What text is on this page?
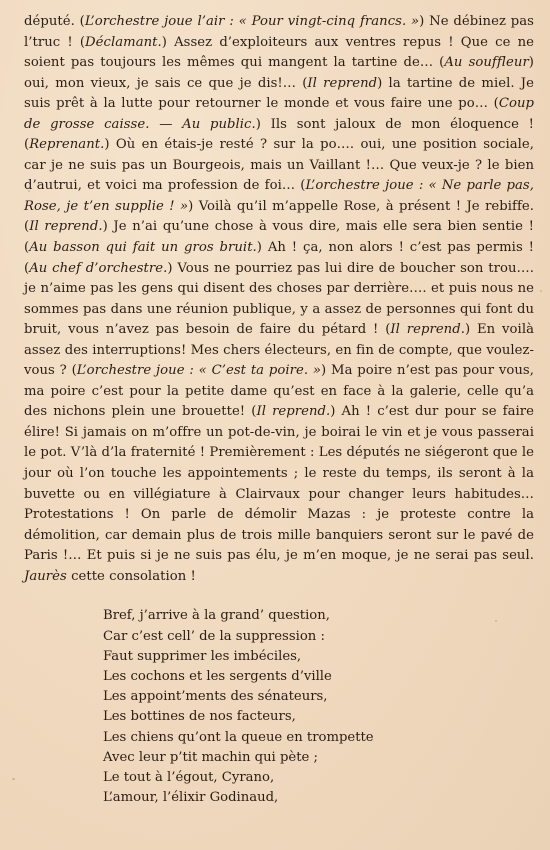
député. (L’orchestre joue l’air : « Pour vingt-cinq francs. ») Ne débinez pas l’truc ! (Déclamant.) Assez d’exploiteurs aux ventres repus ! Que ce ne soient pas toujours les mêmes qui mangent la tartine de… (Au souffleur) oui, mon vieux, je sais ce que je dis!… (Il reprend) la tartine de miel. Je suis prêt à la lutte pour retourner le monde et vous faire une po… (Coup de grosse caisse. — Au public.) Ils sont jaloux de mon éloquence ! (Reprenant.) Où en étais-je resté ? sur la po…. oui, une position sociale, car je ne suis pas un Bourgeois, mais un Vaillant !… Que veux-je ? le bien d’autrui, et voici ma profession de foi… (L’orchestre joue : « Ne parle pas, Rose, je t’en supplie ! ») Voilà qu’il m’appelle Rose, à présent ! Je rebiffe. (Il reprend.) Je n’ai qu’une chose à vous dire, mais elle sera bien sentie ! (Au basson qui fait un gros bruit.) Ah ! ça, non alors ! c’est pas permis ! (Au chef d’orchestre.) Vous ne pourriez pas lui dire de boucher son trou…. je n’aime pas les gens qui disent des choses par derrière…. et puis nous ne sommes pas dans une réunion publique, y a assez de personnes qui font du bruit, vous n’avez pas besoin de faire du pétard ! (Il reprend.) En voilà assez des interruptions! Mes chers électeurs, en fin de compte, que voulez-vous ? (L’orchestre joue : « C’est ta poire. ») Ma poire n’est pas pour vous, ma poire c’est pour la petite dame qu’est en face à la galerie, celle qu’a des nichons plein une brouette! (Il reprend.) Ah ! c’est dur pour se faire élire! Si jamais on m’offre un pot-de-vin, je boirai le vin et je vous passerai le pot. V’là d’la fraternité ! Premièrement : Les députés ne siégeront que le jour où l’on touche les appointements ; le reste du temps, ils seront à la buvette ou en villégiature à Clairvaux pour changer leurs habitudes… Protestations ! On parle de démolir Mazas : je proteste contre la démolition, car demain plus de trois mille banquiers seront sur le pavé de Paris !… Et puis si je ne suis pas élu, je m’en moque, je ne serai pas seul. Jaurès cette consolation !

Bref, j’arrive à la grand’ question,
Car c’est cell’ de la suppression :
Faut supprimer les imbéciles,
Les cochons et les sergents d’ville
Les appoint’ments des sénateurs,
Les bottines de nos facteurs,
Les chiens qu’ont la queue en trompette
Avec leur p’tit machin qui pète ;
Le tout à l’égout, Cyrano,
L’amour, l’élixir Godinaud,
